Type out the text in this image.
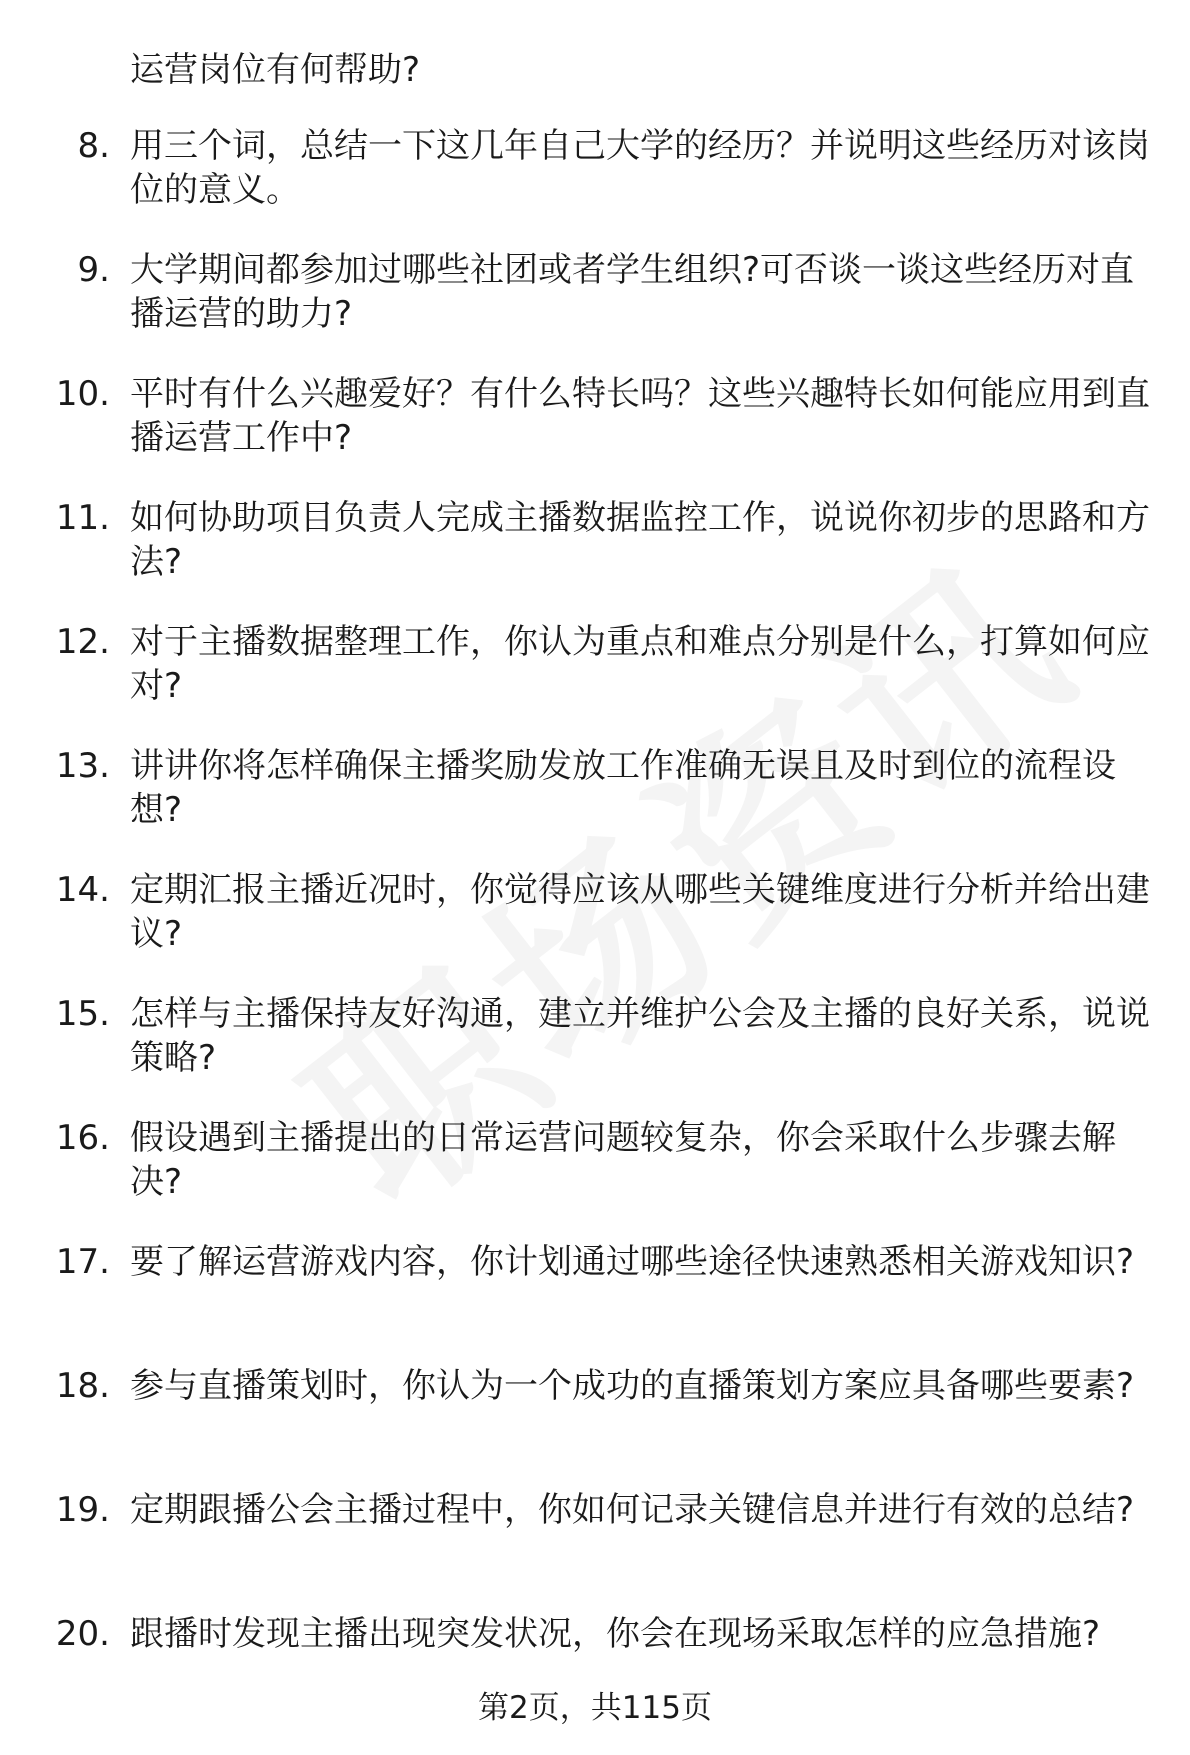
运营岗位有何帮助?

8. 用三个词，总结一下这几年自己大学的经历？并说明这些经历对该岗位的意义。
9. 大学期间都参加过哪些社团或者学生组织?可否谈一谈这些经历对直播运营的助力?
10. 平时有什么兴趣爱好？有什么特长吗？这些兴趣特长如何能应用到直播运营工作中?
11. 如何协助项目负责人完成主播数据监控工作，说说你初步的思路和方法?
12. 对于主播数据整理工作，你认为重点和难点分别是什么，打算如何应对?
13. 讲讲你将怎样确保主播奖励发放工作准确无误且及时到位的流程设想?
14. 定期汇报主播近况时，你觉得应该从哪些关键维度进行分析并给出建议?
15. 怎样与主播保持友好沟通，建立并维护公会及主播的良好关系，说说策略?
16. 假设遇到主播提出的日常运营问题较复杂，你会采取什么步骤去解决?
17. 要了解运营游戏内容，你计划通过哪些途径快速熟悉相关游戏知识?
18. 参与直播策划时，你认为一个成功的直播策划方案应具备哪些要素?
19. 定期跟播公会主播过程中，你如何记录关键信息并进行有效的总结?
20. 跟播时发现主播出现突发状况，你会在现场采取怎样的应急措施?
第2页，共115页
